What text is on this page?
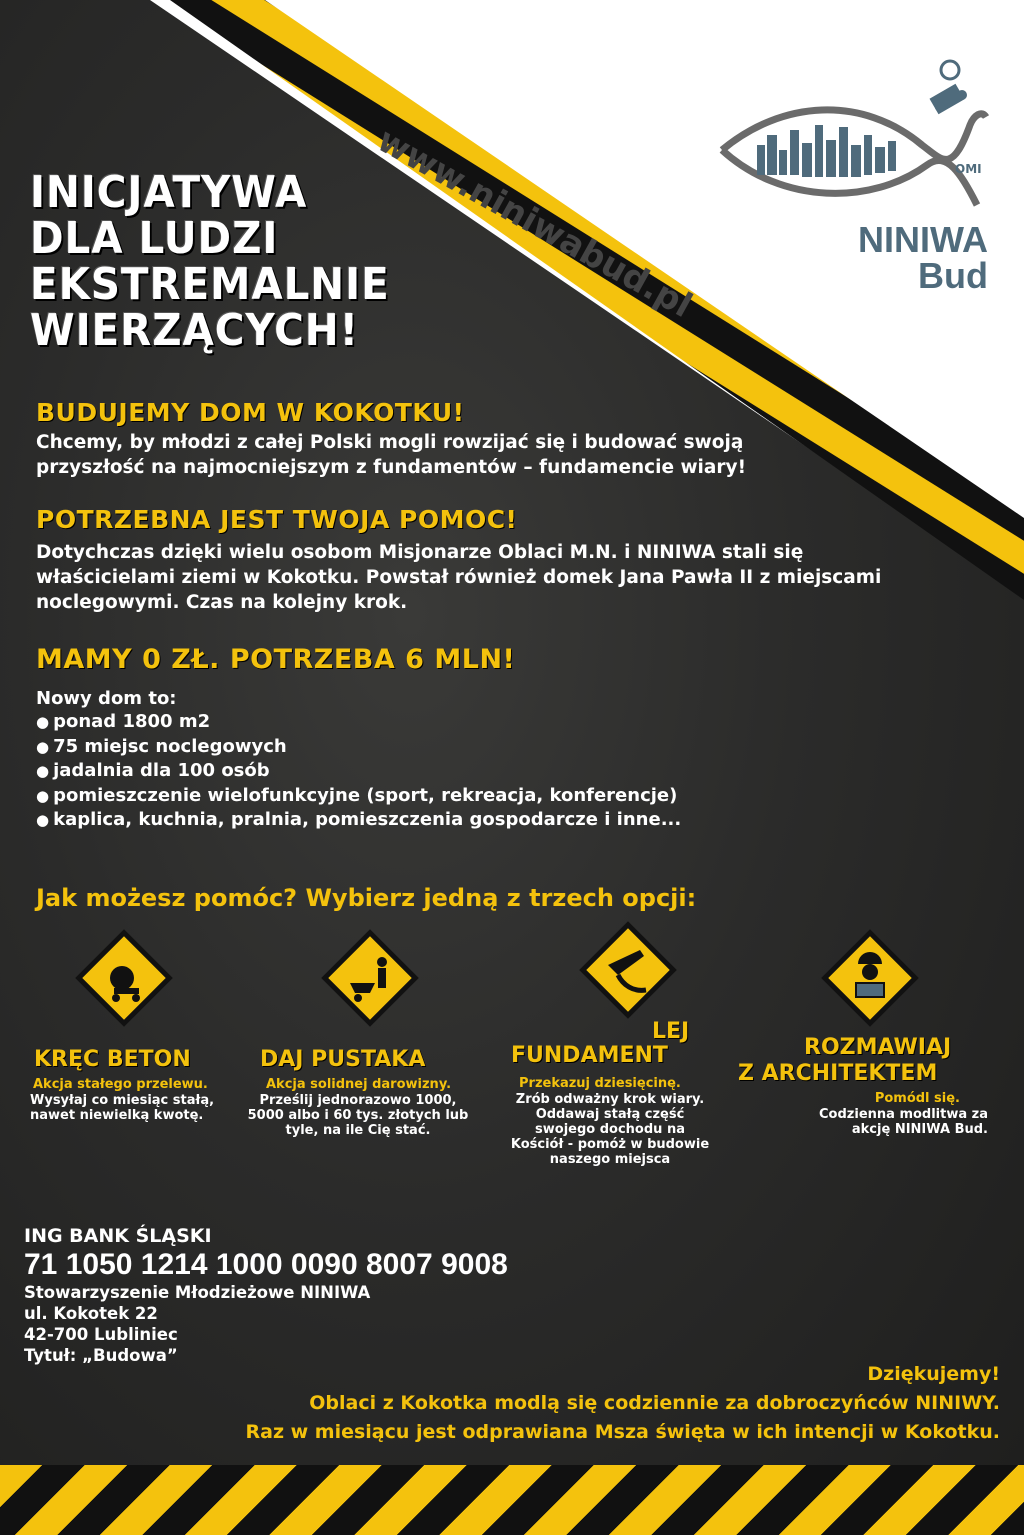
www.niniwabud.pl	OMI
NINIWA
Bud
INICJATYWA
DLA LUDZI
EKSTREMALNIE
WIERZĄCYCH!
BUDUJEMY DOM W KOKOTKU!

Chcemy, by młodzi z całej Polski mogli rowzijać się i budować swoją
przyszłość na najmocniejszym z fundamentów – fundamencie wiary!

POTRZEBNA JEST TWOJA POMOC!

Dotychczas dzięki wielu osobom Misjonarze Oblaci M.N. i NINIWA stali się
właścicielami ziemi w Kokotku. Powstał również domek Jana Pawła II z miejscami
noclegowymi. Czas na kolejny krok.

MAMY 0 ZŁ. POTRZEBA 6 MLN!
Nowy dom to:
● ponad 1800 m2
● 75 miejsc noclegowych
● jadalnia dla 100 osób
● pomieszczenie wielofunkcyjne (sport, rekreacja, konferencje)
● kaplica, kuchnia, pralnia, pomieszczenia gospodarcze i inne...
Jak możesz pomóc? Wybierz jedną z trzech opcji:
KRĘC BETON
Akcja stałego przelewu.
Wysyłaj co miesiąc stałą,
nawet niewielką kwotę.
DAJ PUSTAKA
Akcja solidnej darowizny.
Prześlij jednorazowo 1000,
5000 albo i 60 tys. złotych lub
tyle, na ile Cię stać.
LEJ
FUNDAMENT
Przekazuj dziesięcinę.
Zrób odważny krok wiary.
Oddawaj stałą część
swojego dochodu na
Kościół - pomóż w budowie
naszego miejsca
ROZMAWIAJ
Z ARCHITEKTEM
Pomódl się.
Codzienna modlitwa za
akcję NINIWA Bud.
ING BANK ŚLĄSKI
71 1050 1214 1000 0090 8007 9008
Stowarzyszenie Młodzieżowe NINIWA
ul. Kokotek 22
42-700 Lubliniec
Tytuł: „Budowa”
Dziękujemy!
Oblaci z Kokotka modlą się codziennie za dobroczyńców NINIWY.
Raz w miesiącu jest odprawiana Msza święta w ich intencji w Kokotku.
